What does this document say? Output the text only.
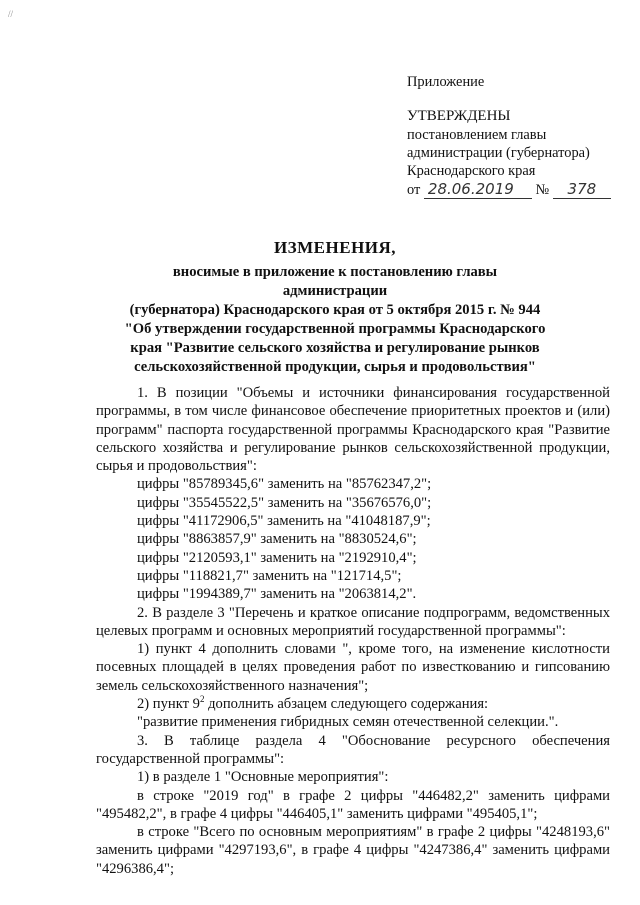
//
Приложение
УТВЕРЖДЕНЫ
постановлением главы
администрации (губернатора)
Краснодарского края
от 28.06.2019 № 378
ИЗМЕНЕНИЯ,
вносимые в приложение к постановлению главы администрации
(губернатора) Краснодарского края от 5 октября 2015 г. № 944
"Об утверждении государственной программы Краснодарского
края "Развитие сельского хозяйства и регулирование рынков
сельскохозяйственной продукции, сырья и продовольствия"

1. В позиции "Объемы и источники финансирования государственной программы, в том числе финансовое обеспечение приоритетных проектов и (или) программ" паспорта государственной программы Краснодарского края "Развитие сельского хозяйства и регулирование рынков сельскохозяйственной продукции, сырья и продовольствия":

цифры "85789345,6" заменить на "85762347,2";

цифры "35545522,5" заменить на "35676576,0";

цифры "41172906,5" заменить на "41048187,9";

цифры "8863857,9" заменить на "8830524,6";

цифры "2120593,1" заменить на "2192910,4";

цифры "118821,7" заменить на "121714,5";

цифры "1994389,7" заменить на "2063814,2".

2. В разделе 3 "Перечень и краткое описание подпрограмм, ведомственных целевых программ и основных мероприятий государственной программы":

1) пункт 4 дополнить словами ", кроме того, на изменение кислотности посевных площадей в целях проведения работ по известкованию и гипсованию земель сельскохозяйственного назначения";

2) пункт $9^2$ дополнить абзацем следующего содержания:

"развитие применения гибридных семян отечественной селекции.".

3. В таблице раздела 4 "Обоснование ресурсного обеспечения государственной программы":

1) в разделе 1 "Основные мероприятия":

в строке "2019 год" в графе 2 цифры "446482,2" заменить цифрами "495482,2", в графе 4 цифры "446405,1" заменить цифрами "495405,1";

в строке "Всего по основным мероприятиям" в графе 2 цифры "4248193,6" заменить цифрами "4297193,6", в графе 4 цифры "4247386,4" заменить цифрами "4296386,4";
